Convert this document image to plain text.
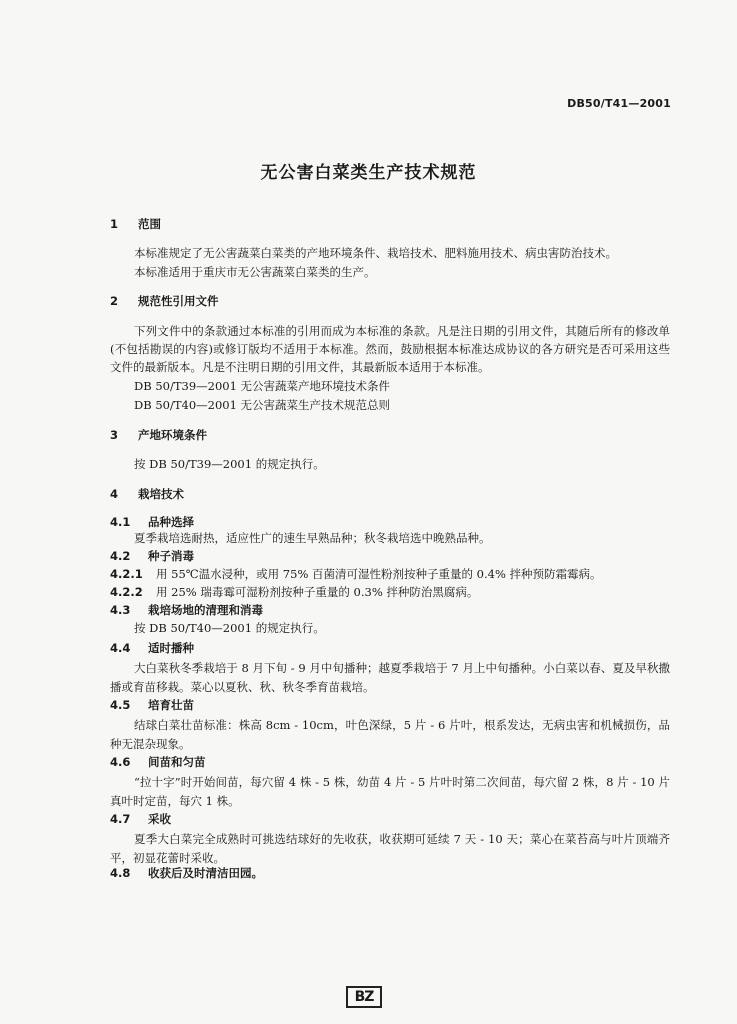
DB50/T41—2001
无公害白菜类生产技术规范
1 范围
本标准规定了无公害蔬菜白菜类的产地环境条件、栽培技术、肥料施用技术、病虫害防治技术。
本标准适用于重庆市无公害蔬菜白菜类的生产。
2 规范性引用文件
下列文件中的条款通过本标准的引用而成为本标准的条款。凡是注日期的引用文件，其随后所有的修改单(不包括勘误的内容)或修订版均不适用于本标准。然而，鼓励根据本标准达成协议的各方研究是否可采用这些文件的最新版本。凡是不注明日期的引用文件，其最新版本适用于本标准。
DB 50/T39—2001 无公害蔬菜产地环境技术条件
DB 50/T40—2001 无公害蔬菜生产技术规范总则
3 产地环境条件
按 DB 50/T39—2001 的规定执行。
4 栽培技术
4.1 品种选择
夏季栽培选耐热，适应性广的速生早熟品种；秋冬栽培选中晚熟品种。
4.2 种子消毒
4.2.1 用 55℃温水浸种，或用 75% 百菌清可湿性粉剂按种子重量的 0.4% 拌种预防霜霉病。
4.2.2 用 25% 瑞毒霉可湿粉剂按种子重量的 0.3% 拌种防治黑腐病。
4.3 栽培场地的清理和消毒
按 DB 50/T40—2001 的规定执行。
4.4 适时播种
大白菜秋冬季栽培于 8 月下旬 - 9 月中旬播种；越夏季栽培于 7 月上中旬播种。小白菜以春、夏及早秋撒播或育苗移栽。菜心以夏秋、秋、秋冬季育苗栽培。
4.5 培育壮苗
结球白菜壮苗标准：株高 8cm - 10cm，叶色深绿，5 片 - 6 片叶，根系发达，无病虫害和机械损伤，品种无混杂现象。
4.6 间苗和匀苗
“拉十字”时开始间苗，每穴留 4 株 - 5 株，幼苗 4 片 - 5 片叶时第二次间苗，每穴留 2 株，8 片 - 10 片真叶时定苗，每穴 1 株。
4.7 采收
夏季大白菜完全成熟时可挑选结球好的先收获，收获期可延续 7 天 - 10 天；菜心在菜苔高与叶片顶端齐平，初显花蕾时采收。
4.8 收获后及时清洁田园。
BZ
